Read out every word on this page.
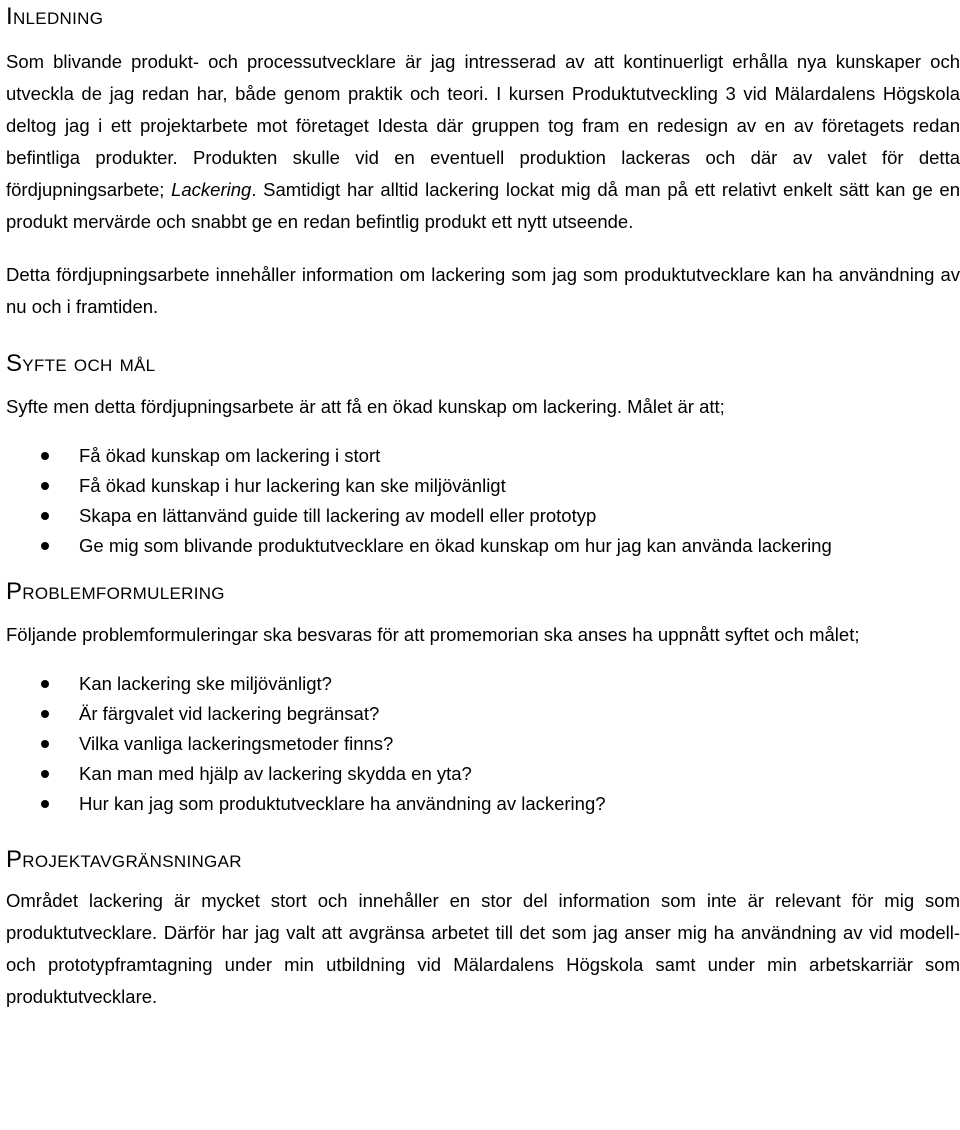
Inledning

Som blivande produkt- och processutvecklare är jag intresserad av att kontinuerligt erhålla nya kunskaper och utveckla de jag redan har, både genom praktik och teori. I kursen Produktutveckling 3 vid Mälardalens Högskola deltog jag i ett projektarbete mot företaget Idesta där gruppen tog fram en redesign av en av företagets redan befintliga produkter. Produkten skulle vid en eventuell produktion lackeras och där av valet för detta fördjupningsarbete; Lackering. Samtidigt har alltid lackering lockat mig då man på ett relativt enkelt sätt kan ge en produkt mervärde och snabbt ge en redan befintlig produkt ett nytt utseende.

Detta fördjupningsarbete innehåller information om lackering som jag som produktutvecklare kan ha användning av nu och i framtiden.

Syfte och mål

Syfte men detta fördjupningsarbete är att få en ökad kunskap om lackering. Målet är att;

Få ökad kunskap om lackering i stort
Få ökad kunskap i hur lackering kan ske miljövänligt
Skapa en lättanvänd guide till lackering av modell eller prototyp
Ge mig som blivande produktutvecklare en ökad kunskap om hur jag kan använda lackering
Problemformulering

Följande problemformuleringar ska besvaras för att promemorian ska anses ha uppnått syftet och målet;

Kan lackering ske miljövänligt?
Är färgvalet vid lackering begränsat?
Vilka vanliga lackeringsmetoder finns?
Kan man med hjälp av lackering skydda en yta?
Hur kan jag som produktutvecklare ha användning av lackering?
Projektavgränsningar

Området lackering är mycket stort och innehåller en stor del information som inte är relevant för mig som produktutvecklare. Därför har jag valt att avgränsa arbetet till det som jag anser mig ha användning av vid modell- och prototypframtagning under min utbildning vid Mälardalens Högskola samt under min arbetskarriär som produktutvecklare.
